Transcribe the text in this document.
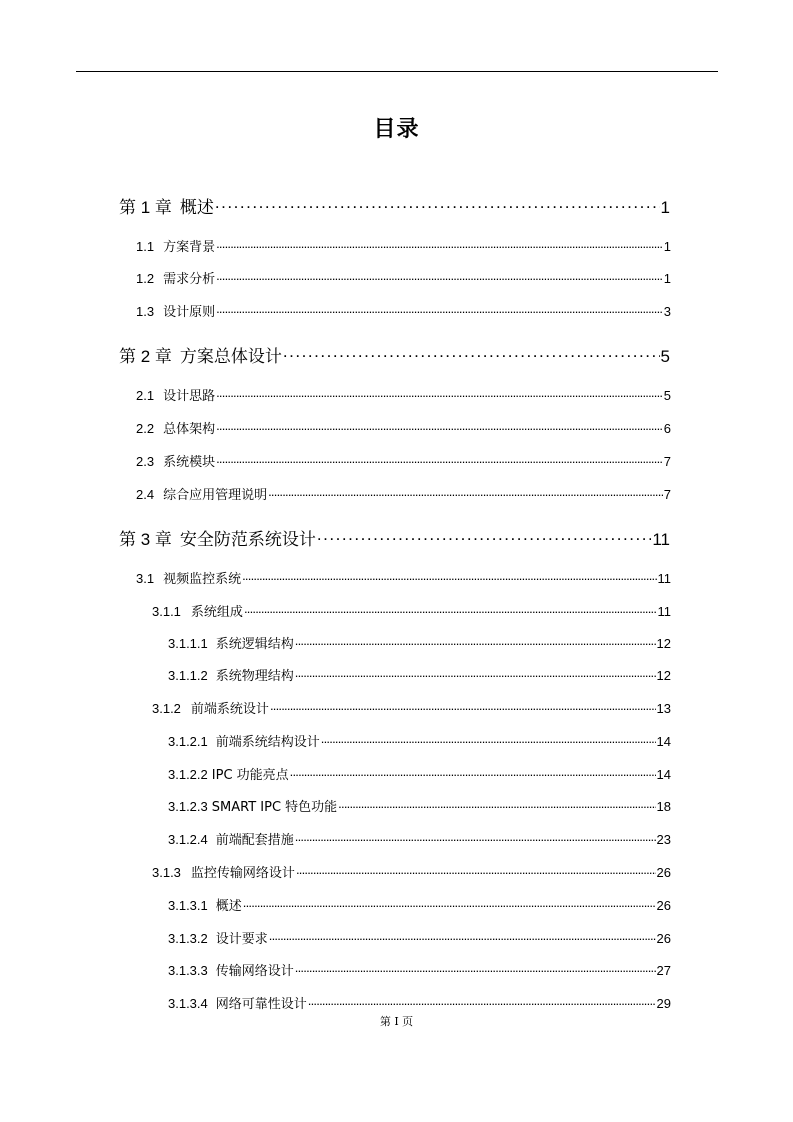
目录
第 1 章 概述 . . .	1
1.1 方案背景 . . .	1
1.2 需求分析 . . .	1
1.3 设计原则 . . .	3
第 2 章 方案总体设计 . . .	5
2.1 设计思路 . . .	5
2.2 总体架构 . . .	6
2.3 系统模块 . . .	7
2.4 综合应用管理说明 . . .	7
第 3 章 安全防范系统设计 . . .	11
3.1 视频监控系统 . . .	11
3.1.1 系统组成 . . .	11
3.1.1.1 系统逻辑结构 . . .	12
3.1.1.2 系统物理结构 . . .	12
3.1.2 前端系统设计 . . .	13
3.1.2.1 前端系统结构设计 . . .	14
3.1.2.2 IPC 功能亮点 . . .	14
3.1.2.3 SMART IPC 特色功能 . . .	18
3.1.2.4 前端配套措施 . . .	23
3.1.3 监控传输网络设计 . . .	26
3.1.3.1 概述 . . .	26
3.1.3.2 设计要求 . . .	26
3.1.3.3 传输网络设计 . . .	27
3.1.3.4 网络可靠性设计 . . .	29
第 I 页
